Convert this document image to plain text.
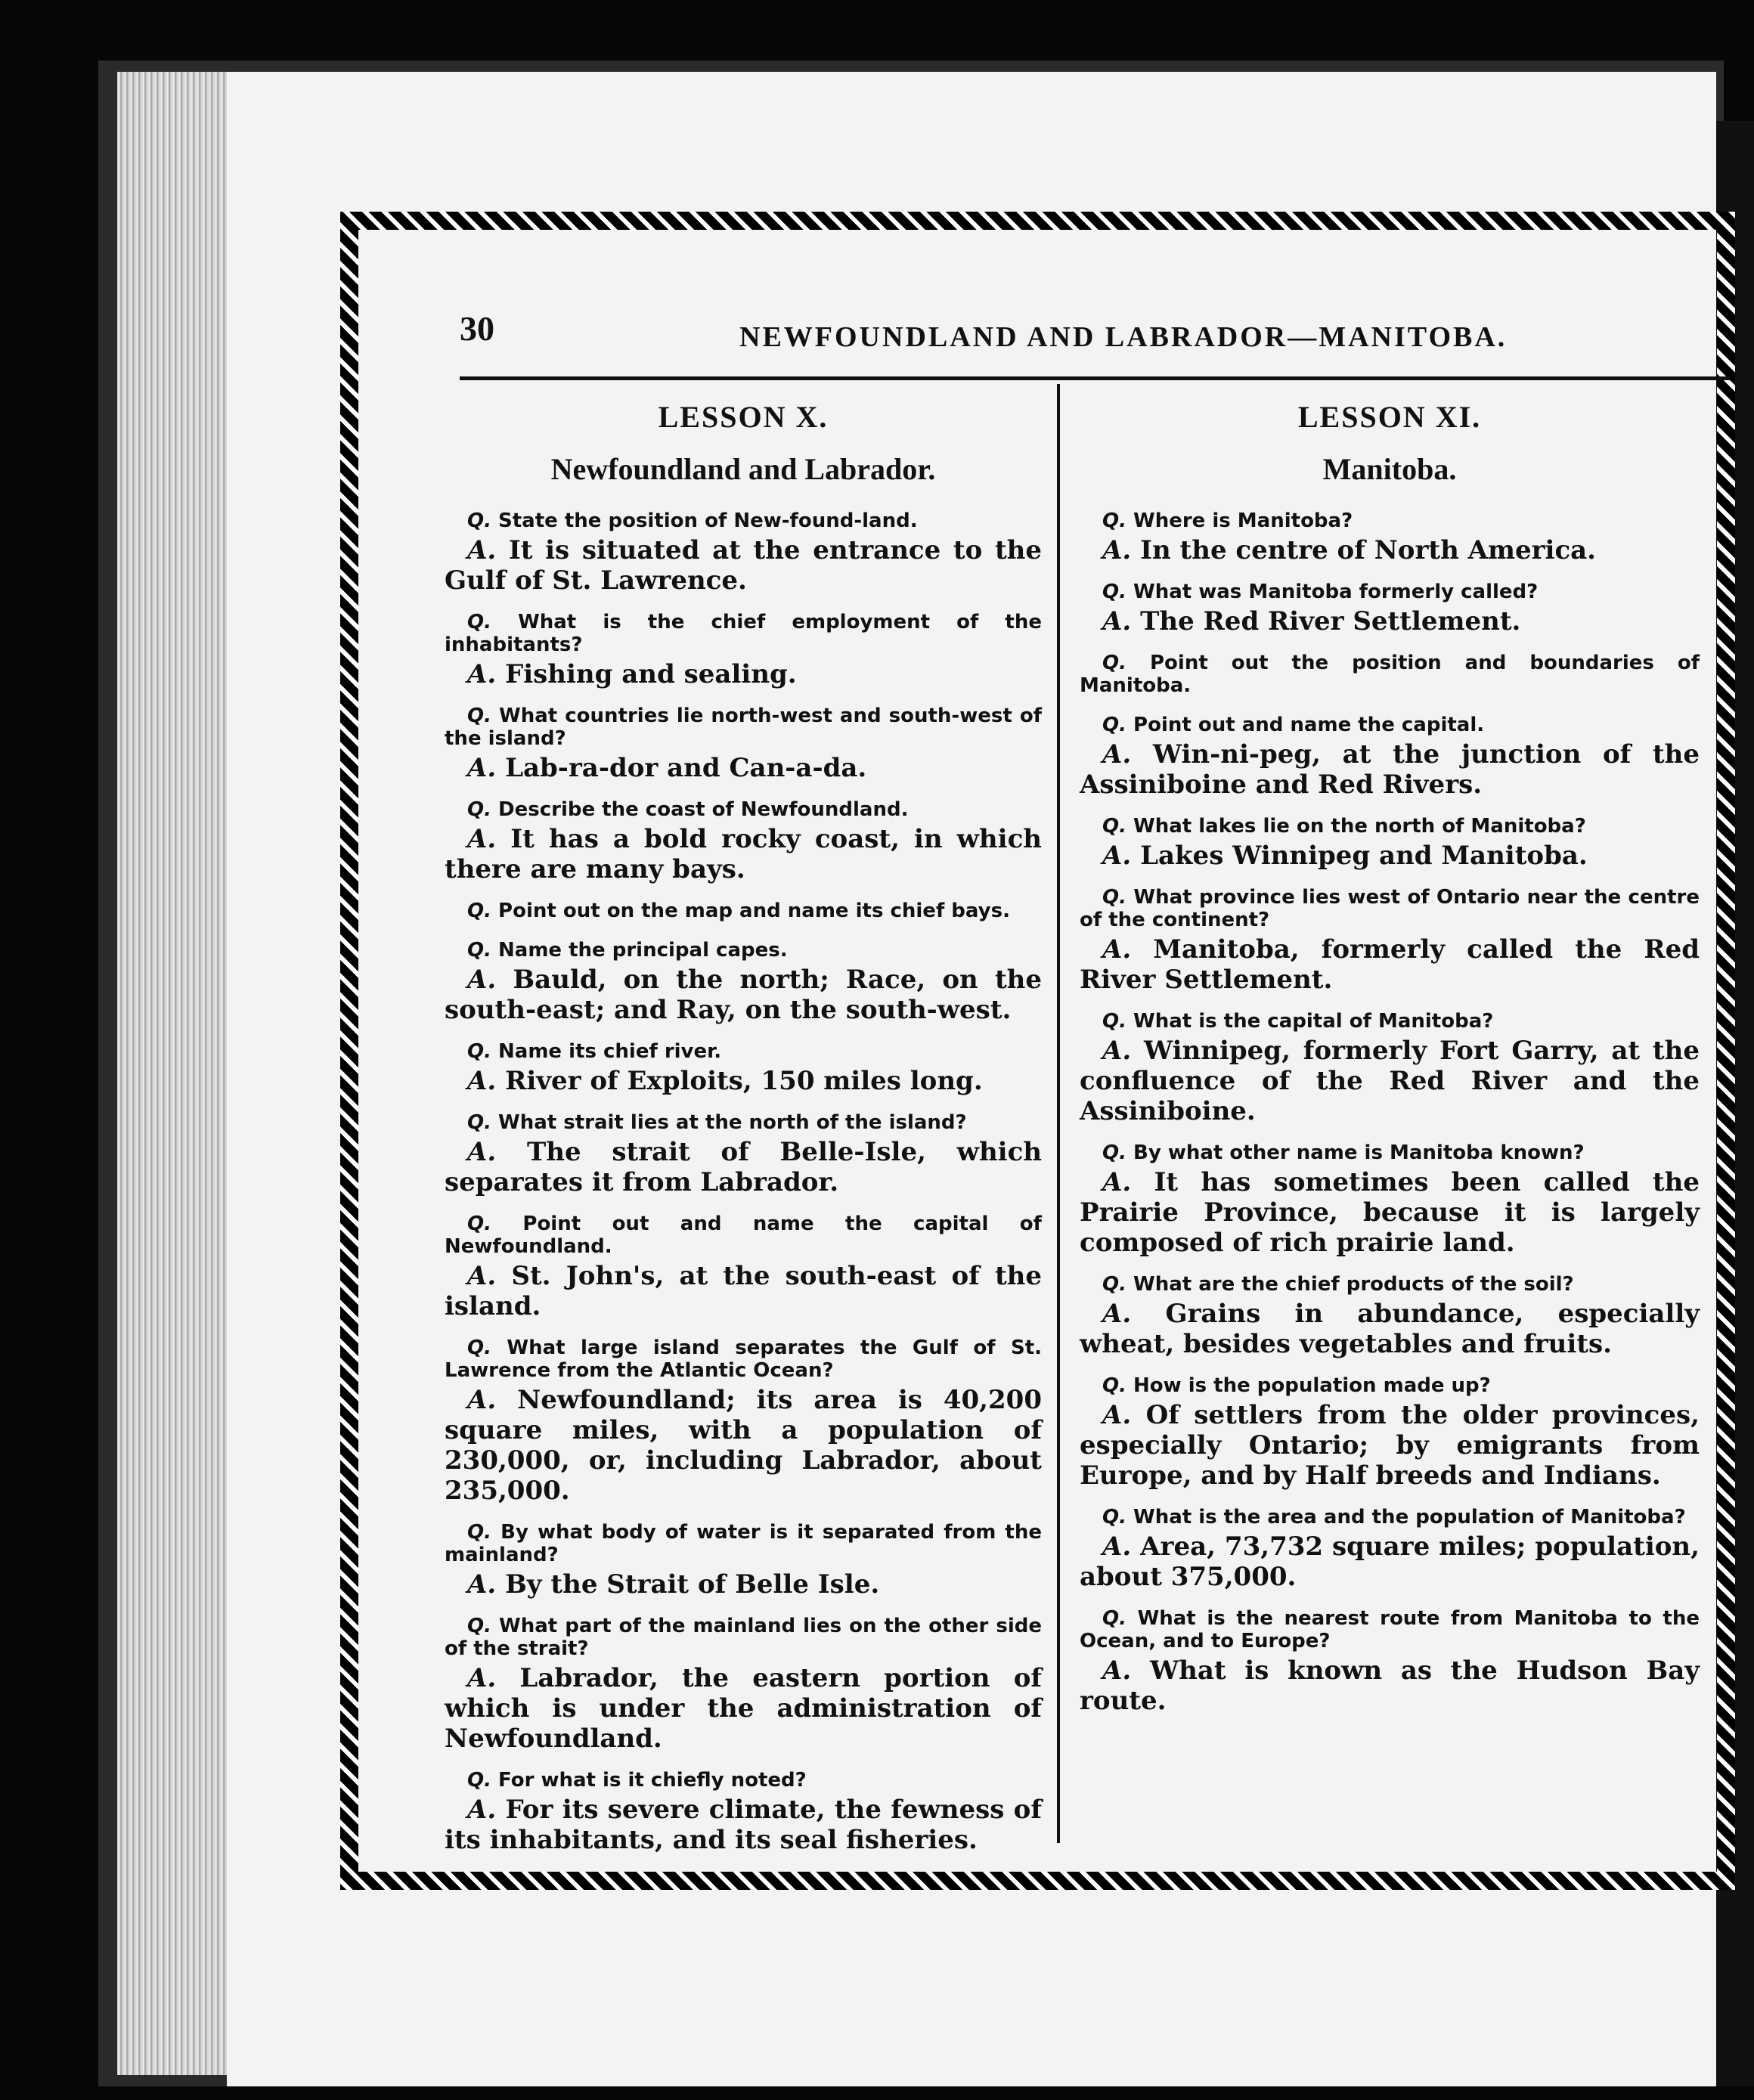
30	NEWFOUNDLAND AND LABRADOR—MANITOBA.
LESSON X.
Newfoundland and Labrador.

Q. State the position of New-found-land.

A. It is situated at the entrance to the Gulf of St. Lawrence.

Q. What is the chief employment of the inhabitants?

A. Fishing and sealing.

Q. What countries lie north-west and south-west of the island?

A. Lab-ra-dor and Can-a-da.

Q. Describe the coast of Newfoundland.

A. It has a bold rocky coast, in which there are many bays.

Q. Point out on the map and name its chief bays.

Q. Name the principal capes.

A. Bauld, on the north; Race, on the south-east; and Ray, on the south-west.

Q. Name its chief river.

A. River of Exploits, 150 miles long.

Q. What strait lies at the north of the island?

A. The strait of Belle-Isle, which separates it from Labrador.

Q. Point out and name the capital of Newfoundland.

A. St. John's, at the south-east of the island.

Q. What large island separates the Gulf of St. Lawrence from the Atlantic Ocean?

A. Newfoundland; its area is 40,200 square miles, with a population of 230,000, or, including Labrador, about 235,000.

Q. By what body of water is it separated from the mainland?

A. By the Strait of Belle Isle.

Q. What part of the mainland lies on the other side of the strait?

A. Labrador, the eastern portion of which is under the administration of Newfoundland.

Q. For what is it chiefly noted?

A. For its severe climate, the fewness of its inhabitants, and its seal fisheries.

LESSON XI.
Manitoba.

Q. Where is Manitoba?

A. In the centre of North America.

Q. What was Manitoba formerly called?

A. The Red River Settlement.

Q. Point out the position and boundaries of Manitoba.

Q. Point out and name the capital.

A. Win-ni-peg, at the junction of the Assiniboine and Red Rivers.

Q. What lakes lie on the north of Manitoba?

A. Lakes Winnipeg and Manitoba.

Q. What province lies west of Ontario near the centre of the continent?

A. Manitoba, formerly called the Red River Settlement.

Q. What is the capital of Manitoba?

A. Winnipeg, formerly Fort Garry, at the confluence of the Red River and the Assiniboine.

Q. By what other name is Manitoba known?

A. It has sometimes been called the Prairie Province, because it is largely composed of rich prairie land.

Q. What are the chief products of the soil?

A. Grains in abundance, especially wheat, besides vegetables and fruits.

Q. How is the population made up?

A. Of settlers from the older provinces, especially Ontario; by emigrants from Europe, and by Half breeds and Indians.

Q. What is the area and the population of Manitoba?

A. Area, 73,732 square miles; population, about 375,000.

Q. What is the nearest route from Manitoba to the Ocean, and to Europe?

A. What is known as the Hudson Bay route.
